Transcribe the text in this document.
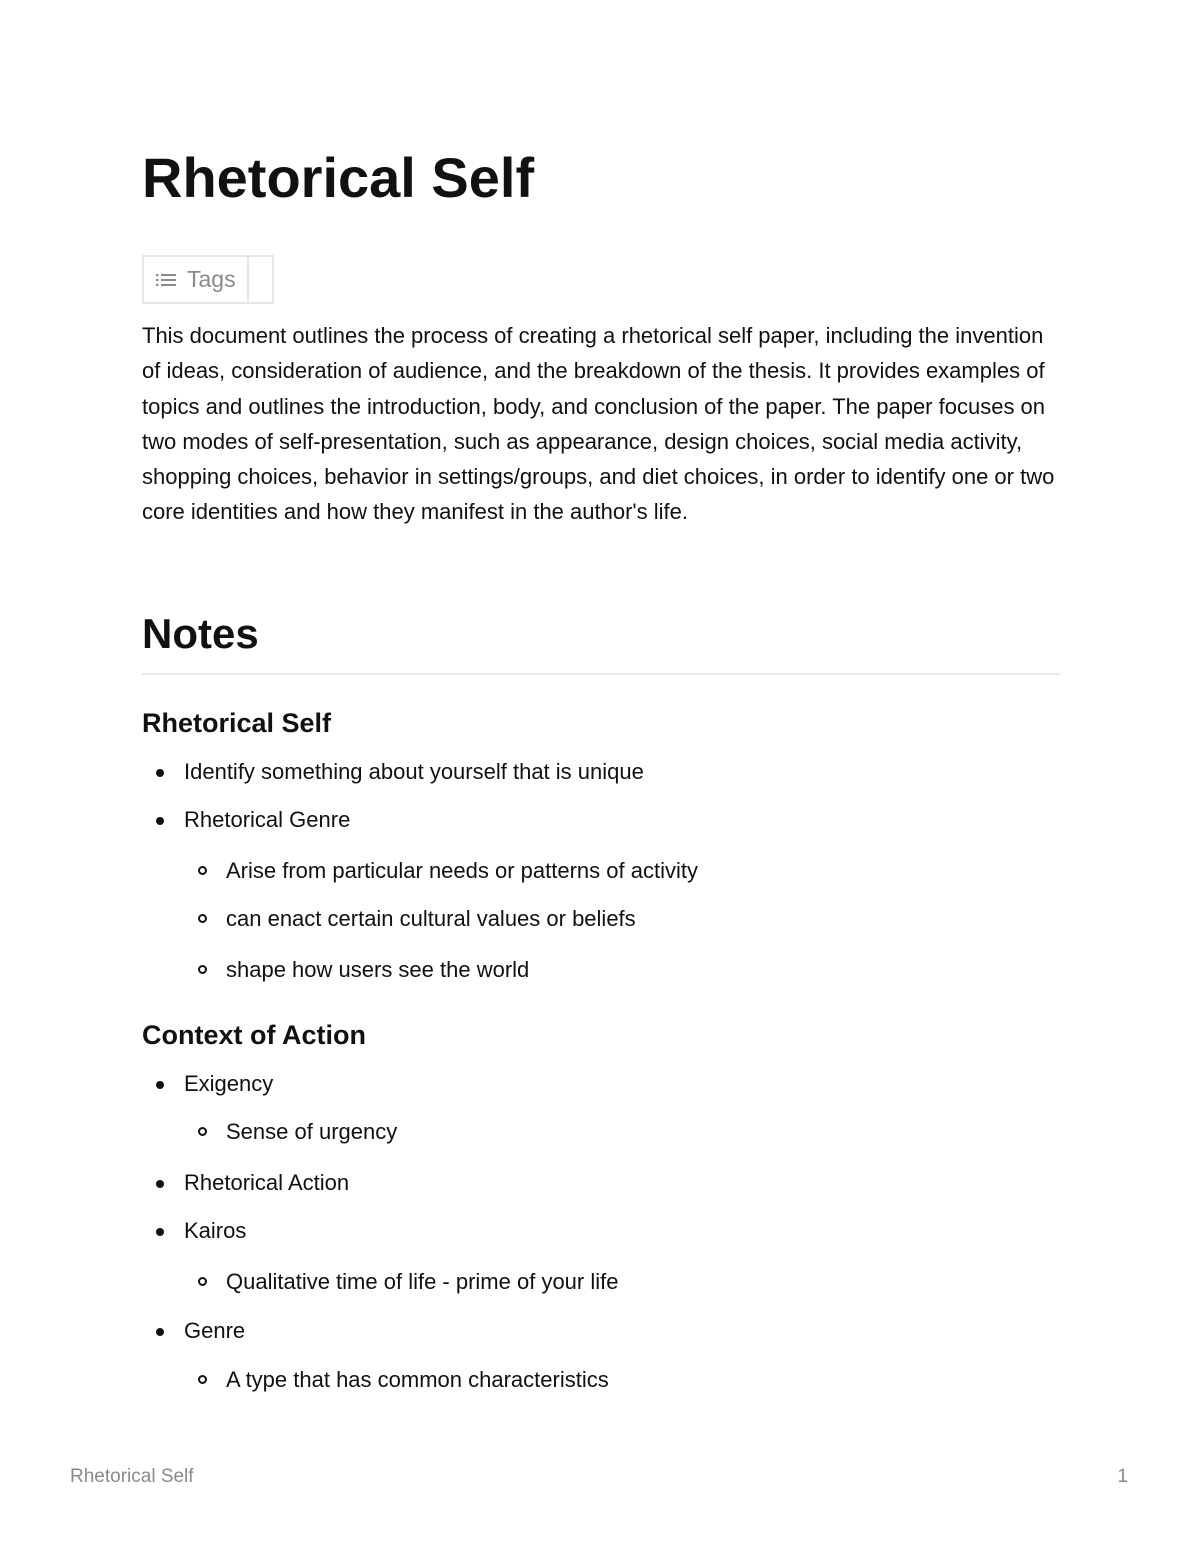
Rhetorical Self
Tags

This document outlines the process of creating a rhetorical self paper, including the invention of ideas, consideration of audience, and the breakdown of the thesis. It provides examples of topics and outlines the introduction, body, and conclusion of the paper. The paper focuses on two modes of self-presentation, such as appearance, design choices, social media activity, shopping choices, behavior in settings/groups, and diet choices, in order to identify one or two core identities and how they manifest in the author's life.

Notes
Rhetorical Self
Identify something about yourself that is unique
Rhetorical Genre
Arise from particular needs or patterns of activity
can enact certain cultural values or beliefs
shape how users see the world
Context of Action
Exigency
Sense of urgency
Rhetorical Action
Kairos
Qualitative time of life - prime of your life
Genre
A type that has common characteristics
Rhetorical Self	1
